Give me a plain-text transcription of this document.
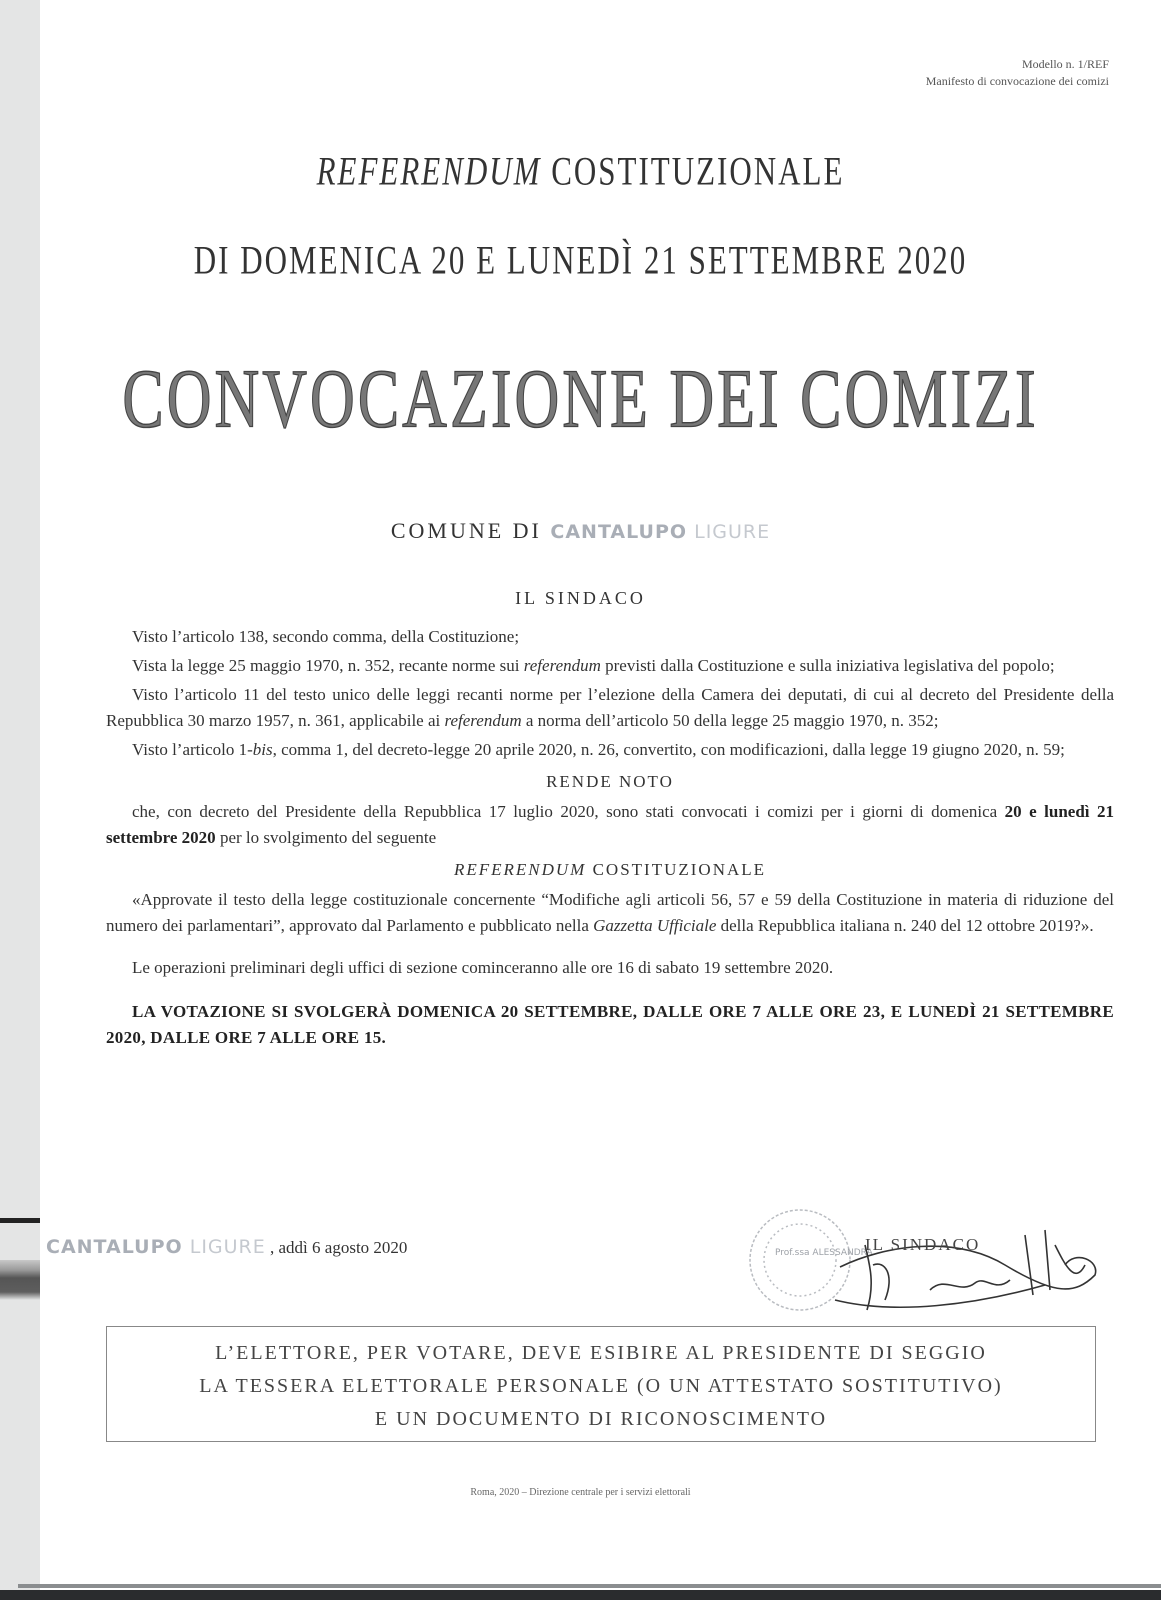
Modello n. 1/REF
Manifesto di convocazione dei comizi
REFERENDUM COSTITUZIONALE
DI DOMENICA 20 E LUNEDÌ 21 SETTEMBRE 2020
CONVOCAZIONE DEI COMIZI
COMUNE DI CANTALUPO LIGURE
IL SINDACO

Visto l’articolo 138, secondo comma, della Costituzione;

Vista la legge 25 maggio 1970, n. 352, recante norme sui referendum previsti dalla Costituzione e sulla iniziativa legislativa del popolo;

Visto l’articolo 11 del testo unico delle leggi recanti norme per l’elezione della Camera dei deputati, di cui al decreto del Presidente della Repubblica 30 marzo 1957, n. 361, applicabile ai referendum a norma dell’articolo 50 della legge 25 maggio 1970, n. 352;

Visto l’articolo 1-bis, comma 1, del decreto-legge 20 aprile 2020, n. 26, convertito, con modificazioni, dalla legge 19 giugno 2020, n. 59;

RENDE NOTO

che, con decreto del Presidente della Repubblica 17 luglio 2020, sono stati convocati i comizi per i giorni di domenica 20 e lunedì 21 settembre 2020 per lo svolgimento del seguente

REFERENDUM COSTITUZIONALE

«Approvate il testo della legge costituzionale concernente “Modifiche agli articoli 56, 57 e 59 della Costituzione in materia di riduzione del numero dei parlamentari”, approvato dal Parlamento e pubblicato nella Gazzetta Ufficiale della Repubblica italiana n. 240 del 12 ottobre 2019?».

Le operazioni preliminari degli uffici di sezione cominceranno alle ore 16 di sabato 19 settembre 2020.

LA VOTAZIONE SI SVOLGERÀ DOMENICA 20 SETTEMBRE, DALLE ORE 7 ALLE ORE 23, E LUNEDÌ 21 SETTEMBRE 2020, DALLE ORE 7 ALLE ORE 15.

CANTALUPO LIGURE , addì 6 agosto 2020	Prof.ssa ALESSANDRA
IL SINDACO
L’ELETTORE, PER VOTARE, DEVE ESIBIRE AL PRESIDENTE DI SEGGIO
LA TESSERA ELETTORALE PERSONALE (O UN ATTESTATO SOSTITUTIVO)
E UN DOCUMENTO DI RICONOSCIMENTO
Roma, 2020 – Direzione centrale per i servizi elettorali
